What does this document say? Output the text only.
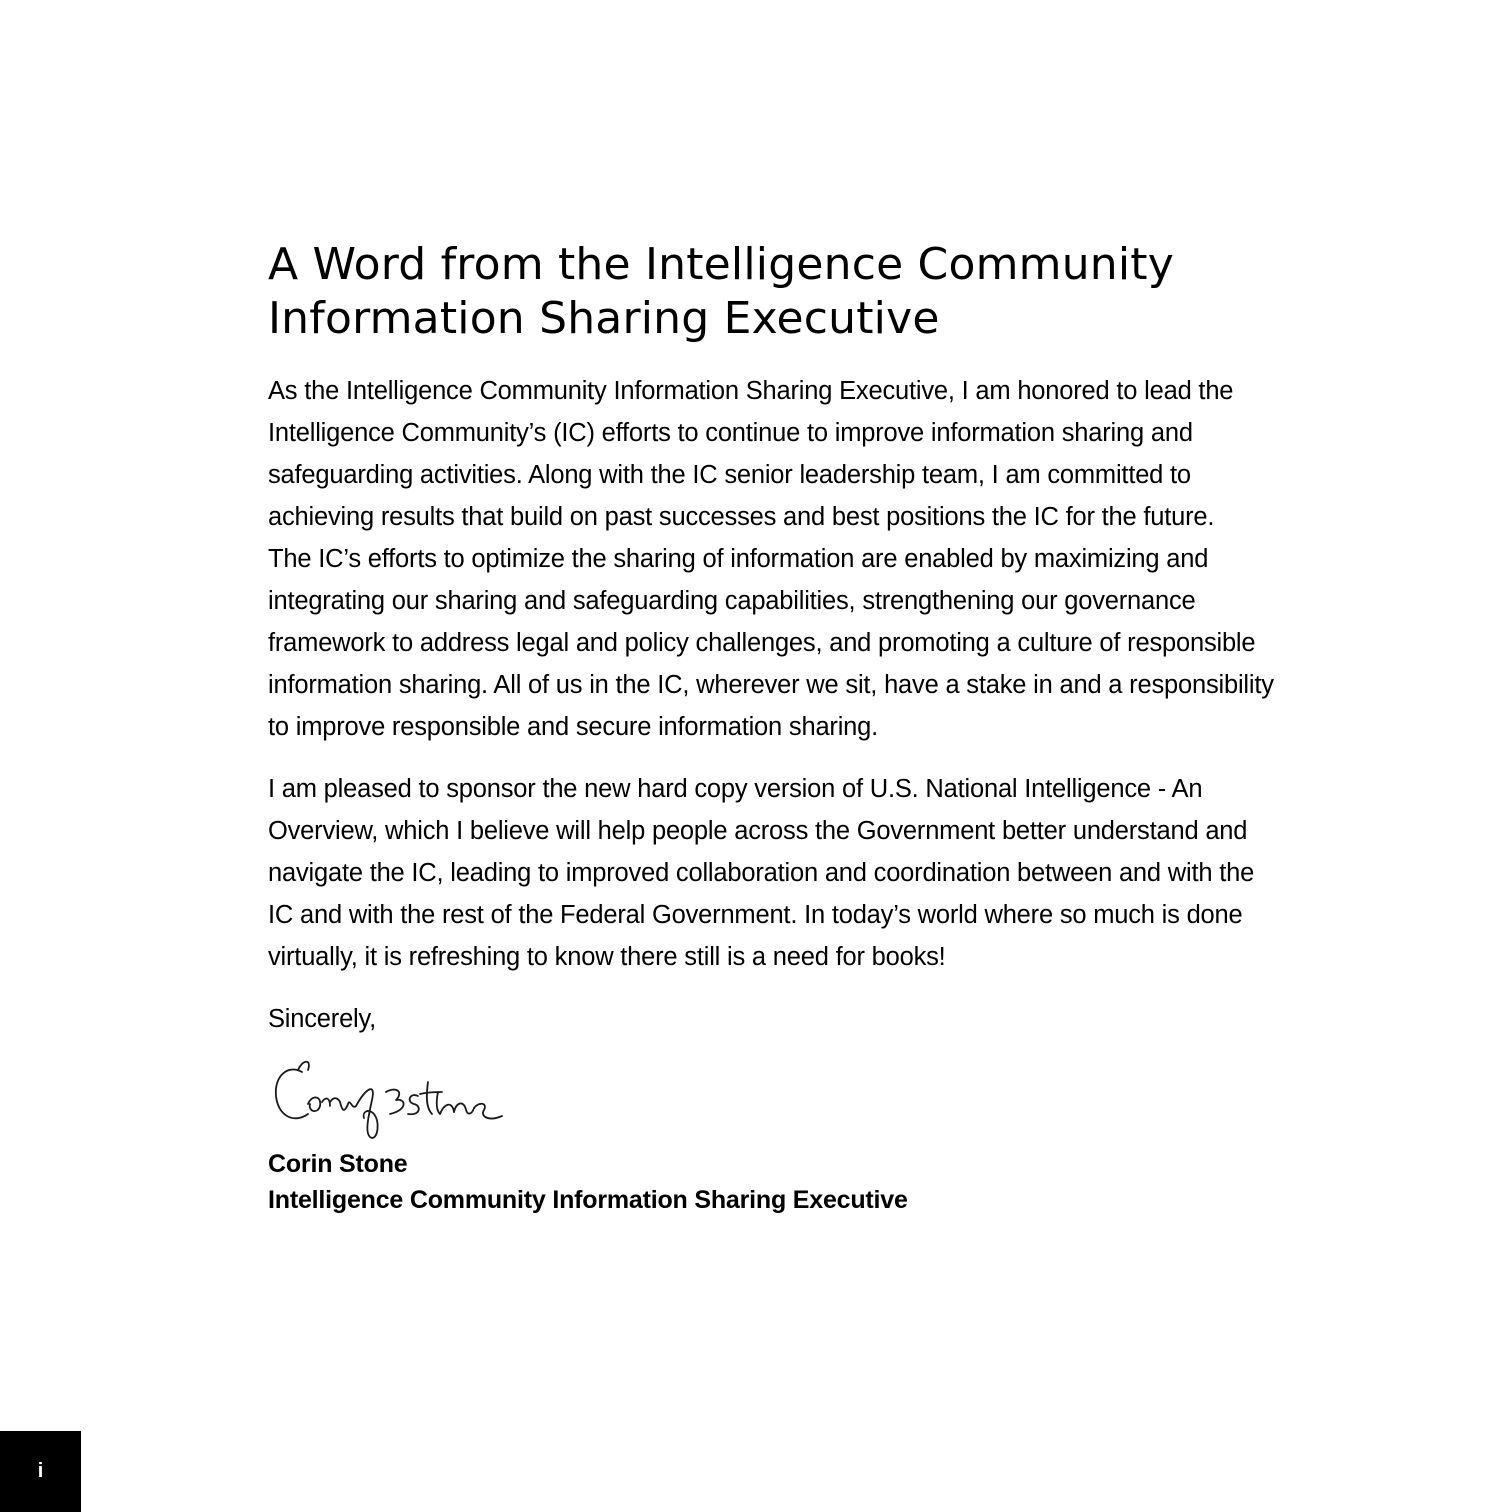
A Word from the Intelligence Community
Information Sharing Executive
As the Intelligence Community Information Sharing Executive, I am honored to lead the
Intelligence Community’s (IC) efforts to continue to improve information sharing and
safeguarding activities. Along with the IC senior leadership team, I am committed to
achieving results that build on past successes and best positions the IC for the future.
The IC’s efforts to optimize the sharing of information are enabled by maximizing and
integrating our sharing and safeguarding capabilities, strengthening our governance
framework to address legal and policy challenges, and promoting a culture of responsible
information sharing. All of us in the IC, wherever we sit, have a stake in and a responsibility
to improve responsible and secure information sharing.
I am pleased to sponsor the new hard copy version of U.S. National Intelligence - An
Overview, which I believe will help people across the Government better understand and
navigate the IC, leading to improved collaboration and coordination between and with the
IC and with the rest of the Federal Government. In today’s world where so much is done
virtually, it is refreshing to know there still is a need for books!
Sincerely,
Corin Stone
Intelligence Community Information Sharing Executive
i
